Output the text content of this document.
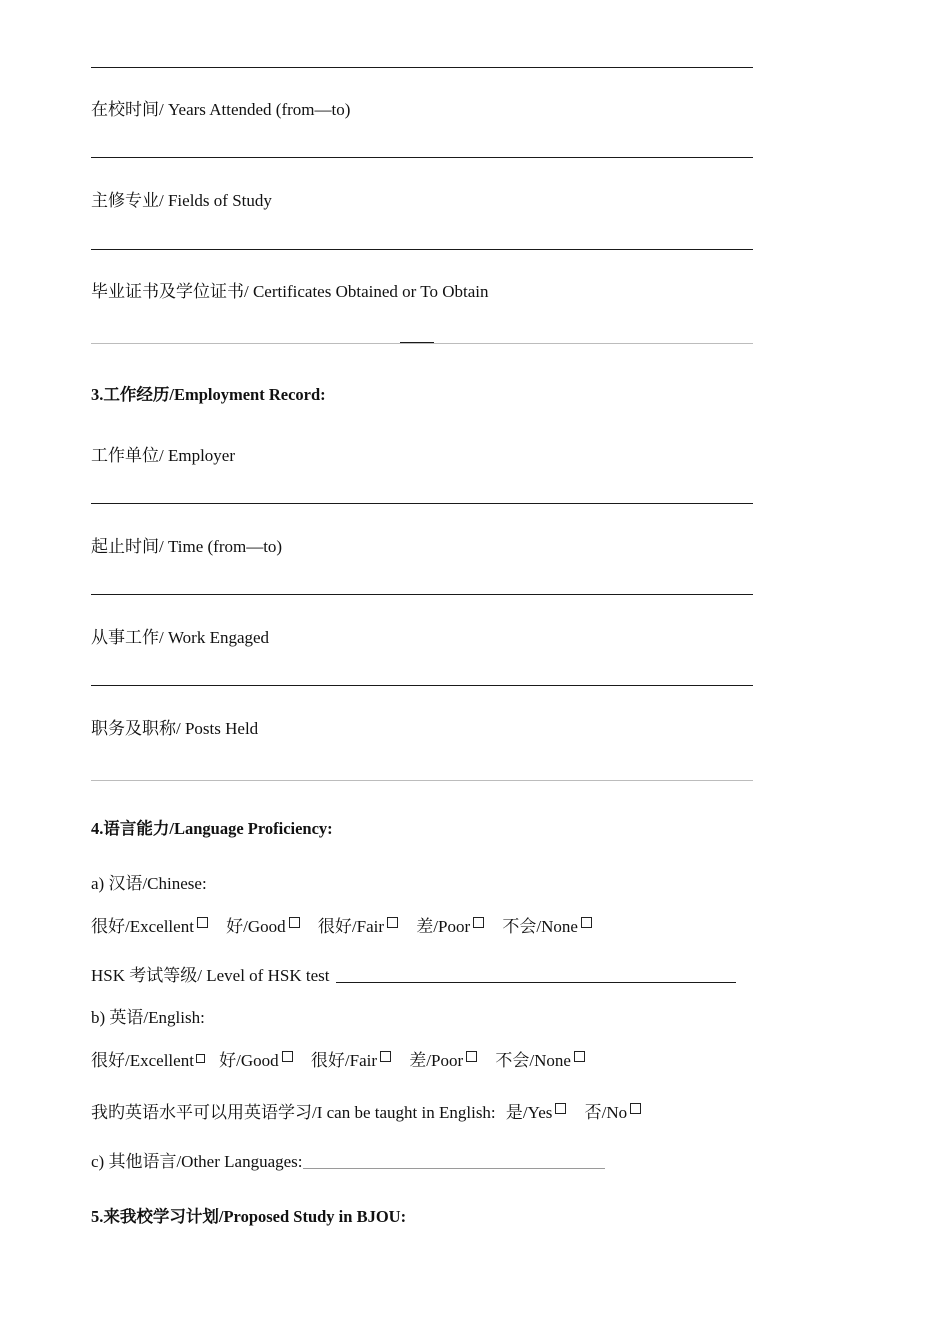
在校时间/ Years Attended (from—to)
主修专业/ Fields of Study
毕业证书及学位证书/ Certificates Obtained or To Obtain
3.工作经历/Employment Record:
工作单位/ Employer
起止时间/ Time (from—to)
从事工作/ Work Engaged
职务及职称/ Posts Held
4.语言能力/Language Proficiency:
a) 汉语/Chinese:
很好/Excellent 好/Good 很好/Fair 差/Poor 不会/None
HSK 考试等级/ Level of HSK test
b) 英语/English:
很好/Excellent 好/Good 很好/Fair 差/Poor 不会/None
我旳英语水平可以用英语学习/I can be taught in English: 是/Yes 否/No
c) 其他语言/Other Languages:
5.来我校学习计划/Proposed Study in BJOU:
